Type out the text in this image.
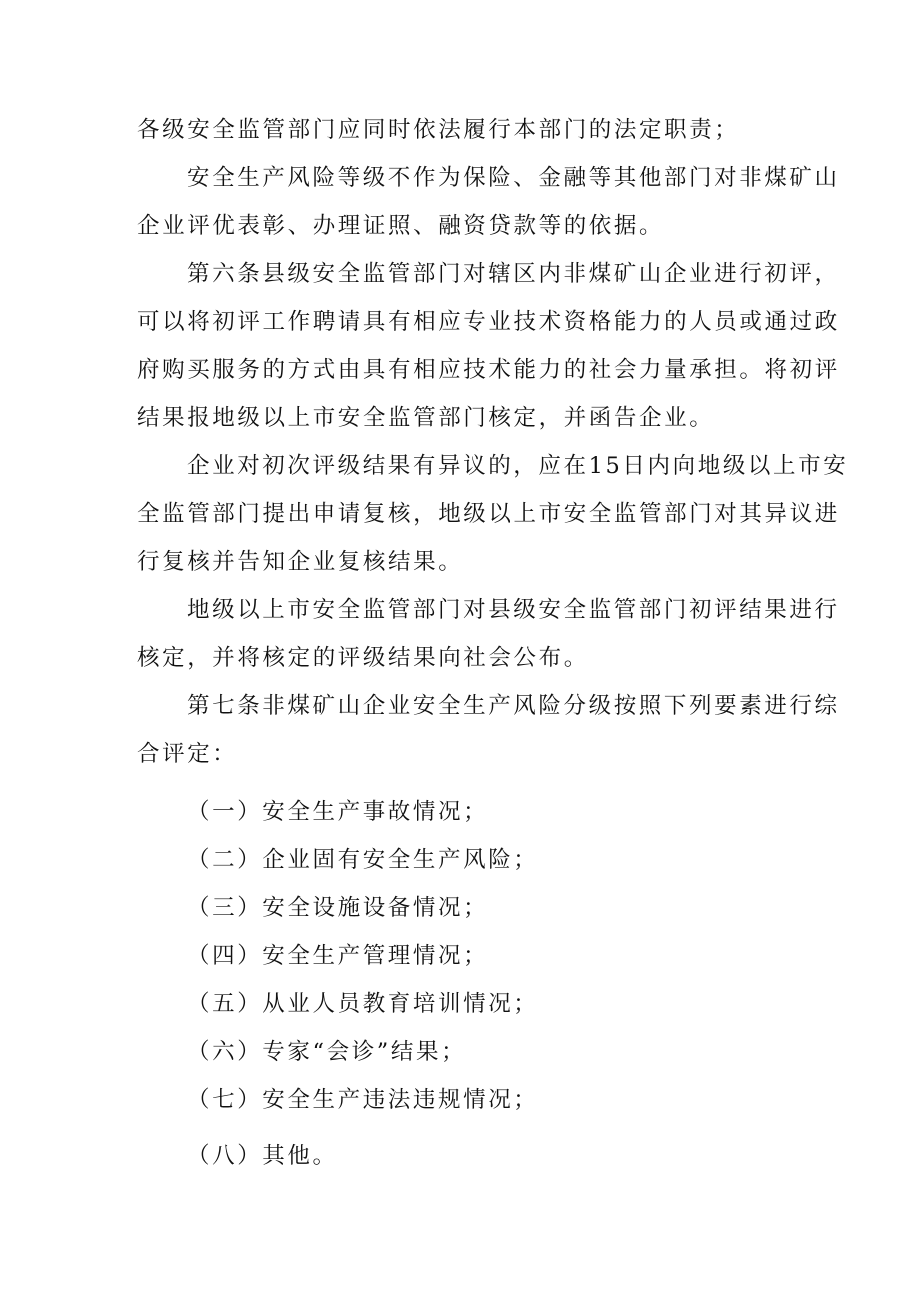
各级安全监管部门应同时依法履行本部门的法定职责；

安全生产风险等级不作为保险、金融等其他部门对非煤矿山

企业评优表彰、办理证照、融资贷款等的依据。

第六条县级安全监管部门对辖区内非煤矿山企业进行初评，

可以将初评工作聘请具有相应专业技术资格能力的人员或通过政

府购买服务的方式由具有相应技术能力的社会力量承担。将初评

结果报地级以上市安全监管部门核定，并函告企业。

企业对初次评级结果有异议的，应在15日内向地级以上市安

全监管部门提出申请复核，地级以上市安全监管部门对其异议进

行复核并告知企业复核结果。

地级以上市安全监管部门对县级安全监管部门初评结果进行

核定，并将核定的评级结果向社会公布。

第七条非煤矿山企业安全生产风险分级按照下列要素进行综

合评定：

（一）安全生产事故情况；

（二）企业固有安全生产风险；

（三）安全设施设备情况；

（四）安全生产管理情况；

（五）从业人员教育培训情况；

（六）专家“会诊”结果；

（七）安全生产违法违规情况；

（八）其他。
